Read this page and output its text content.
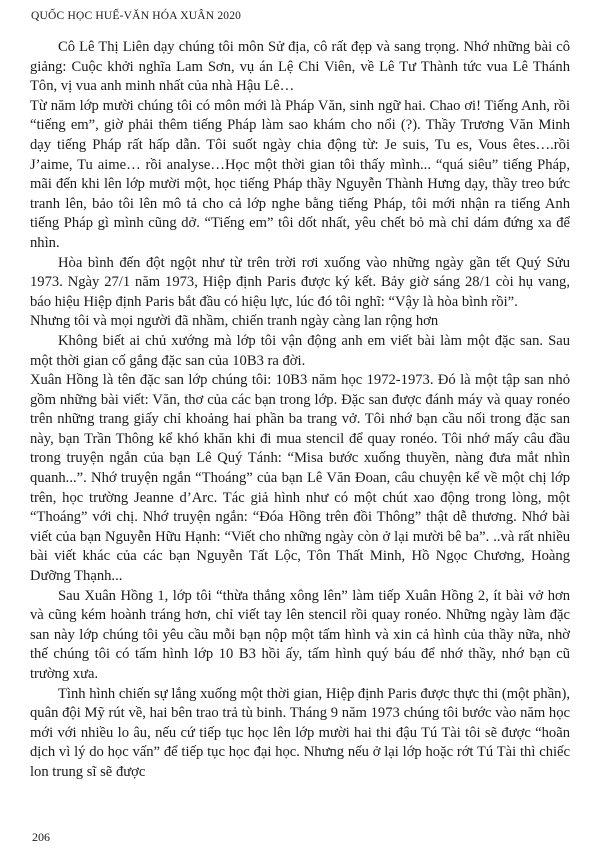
QUỐC HỌC HUẾ-VĂN HÓA XUÂN 2020

Cô Lê Thị Liên dạy chúng tôi môn Sử địa, cô rất đẹp và sang trọng. Nhớ những bài cô giảng: Cuộc khởi nghĩa Lam Sơn, vụ án Lệ Chi Viên, về Lê Tư Thành tức vua Lê Thánh Tôn, vị vua anh minh nhất của nhà Hậu Lê…

Từ năm lớp mười chúng tôi có môn mới là Pháp Văn, sinh ngữ hai. Chao ơi! Tiếng Anh, rồi “tiếng em”, giờ phải thêm tiếng Pháp làm sao khám cho nổi (?). Thầy Trương Văn Minh dạy tiếng Pháp rất hấp dẫn. Tôi suốt ngày chia động từ: Je suis, Tu es, Vous êtes….rồi J’aime, Tu aime… rồi analyse…Học một thời gian tôi thấy mình... “quá siêu” tiếng Pháp, mãi đến khi lên lớp mười một, học tiếng Pháp thầy Nguyễn Thành Hưng dạy, thầy treo bức tranh lên, bảo tôi lên mô tả cho cả lớp nghe bằng tiếng Pháp, tôi mới nhận ra tiếng Anh tiếng Pháp gì mình cũng dở. “Tiếng em” tôi dốt nhất, yêu chết bỏ mà chỉ dám đứng xa để nhìn.

Hòa bình đến đột ngột như từ trên trời rơi xuống vào những ngày gần tết Quý Sửu 1973. Ngày 27/1 năm 1973, Hiệp định Paris được ký kết. Bảy giờ sáng 28/1 còi hụ vang, báo hiệu Hiệp định Paris bắt đầu có hiệu lực, lúc đó tôi nghĩ: “Vậy là hòa bình rồi”.

Nhưng tôi và mọi người đã nhầm, chiến tranh ngày càng lan rộng hơn

Không biết ai chủ xướng mà lớp tôi vận động anh em viết bài làm một đặc san. Sau một thời gian cố gắng đặc san của 10B3 ra đời.

Xuân Hồng là tên đặc san lớp chúng tôi: 10B3 năm học 1972-1973. Đó là một tập san nhỏ gồm những bài viết: Văn, thơ của các bạn trong lớp. Đặc san được đánh máy và quay ronéo trên những trang giấy chỉ khoảng hai phần ba trang vở. Tôi nhớ bạn cầu nối trong đặc san này, bạn Trần Thông kể khó khăn khi đi mua stencil để quay ronéo. Tôi nhớ mấy câu đầu trong truyện ngắn của bạn Lê Quý Tánh: “Misa bước xuống thuyền, nàng đưa mắt nhìn quanh...”. Nhớ truyện ngắn “Thoáng” của bạn Lê Văn Đoan, câu chuyện kể về một chị lớp trên, học trường Jeanne d’Arc. Tác giả hình như có một chút xao động trong lòng, một “Thoáng” với chị. Nhớ truyện ngắn: “Đóa Hồng trên đồi Thông” thật dễ thương. Nhớ bài viết của bạn Nguyễn Hữu Hạnh: “Viết cho những ngày còn ở lại mười bê ba”. ..và rất nhiều bài viết khác của các bạn Nguyễn Tất Lộc, Tôn Thất Minh, Hồ Ngọc Chương, Hoàng Dưỡng Thạnh...

Sau Xuân Hồng 1, lớp tôi “thừa thắng xông lên” làm tiếp Xuân Hồng 2, ít bài vở hơn và cũng kém hoành tráng hơn, chỉ viết tay lên stencil rồi quay ronéo. Những ngày làm đặc san này lớp chúng tôi yêu cầu mỗi bạn nộp một tấm hình và xin cả hình của thầy nữa, nhờ thế chúng tôi có tấm hình lớp 10 B3 hồi ấy, tấm hình quý báu để nhớ thầy, nhớ bạn cũ trường xưa.

Tình hình chiến sự lắng xuống một thời gian, Hiệp định Paris được thực thi (một phần), quân đội Mỹ rút về, hai bên trao trả tù binh. Tháng 9 năm 1973 chúng tôi bước vào năm học mới với nhiều lo âu, nếu cứ tiếp tục học lên lớp mười hai thi đậu Tú Tài tôi sẽ được “hoãn dịch vì lý do học vấn” để tiếp tục học đại học. Nhưng nếu ở lại lớp hoặc rớt Tú Tài thì chiếc lon trung sĩ sẽ được

206
